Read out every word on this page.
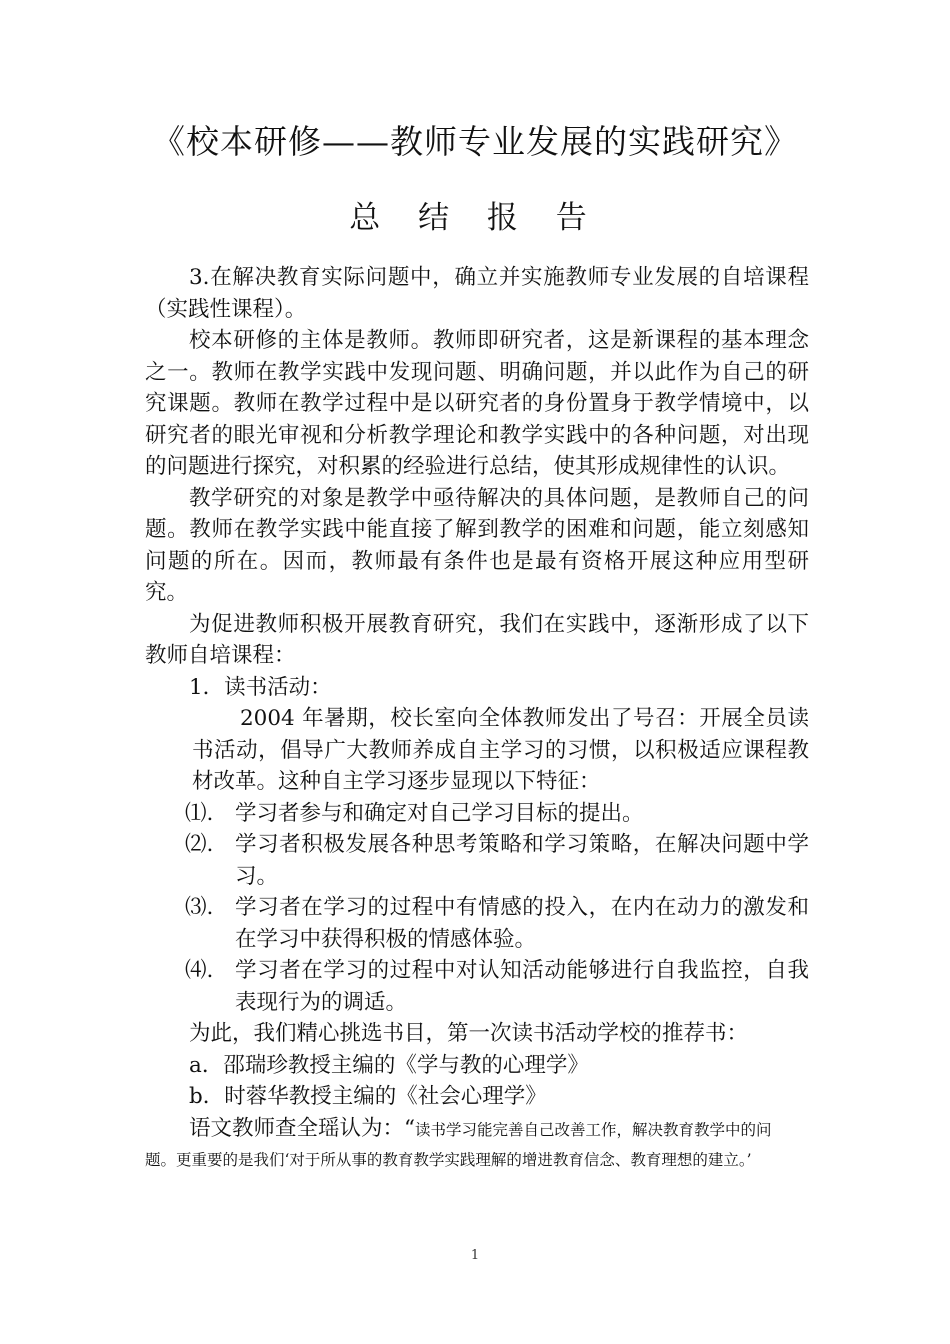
《校本研修——教师专业发展的实践研究》
总 结 报 告

3.在解决教育实际问题中，确立并实施教师专业发展的自培课程（实践性课程）。

校本研修的主体是教师。教师即研究者，这是新课程的基本理念之一。教师在教学实践中发现问题、明确问题，并以此作为自己的研究课题。教师在教学过程中是以研究者的身份置身于教学情境中，以研究者的眼光审视和分析教学理论和教学实践中的各种问题，对出现的问题进行探究，对积累的经验进行总结，使其形成规律性的认识。

教学研究的对象是教学中亟待解决的具体问题，是教师自己的问题。教师在教学实践中能直接了解到教学的困难和问题，能立刻感知问题的所在。因而，教师最有条件也是最有资格开展这种应用型研究。

为促进教师积极开展教育研究，我们在实践中，逐渐形成了以下教师自培课程：

1．读书活动：

2004 年暑期，校长室向全体教师发出了号召：开展全员读书活动，倡导广大教师养成自主学习的习惯，以积极适应课程教材改革。这种自主学习逐步显现以下特征：

⑴. 学习者参与和确定对自己学习目标的提出。

⑵. 学习者积极发展各种思考策略和学习策略，在解决问题中学习。

⑶. 学习者在学习的过程中有情感的投入，在内在动力的激发和在学习中获得积极的情感体验。

⑷. 学习者在学习的过程中对认知活动能够进行自我监控，自我表现行为的调适。

为此，我们精心挑选书目，第一次读书活动学校的推荐书：

a．邵瑞珍教授主编的《学与教的心理学》

b．时蓉华教授主编的《社会心理学》

语文教师查全瑶认为：“读书学习能完善自己改善工作，解决教育教学中的问

题。更重要的是我们‘对于所从事的教育教学实践理解的增进教育信念、教育理想的建立。’

1
